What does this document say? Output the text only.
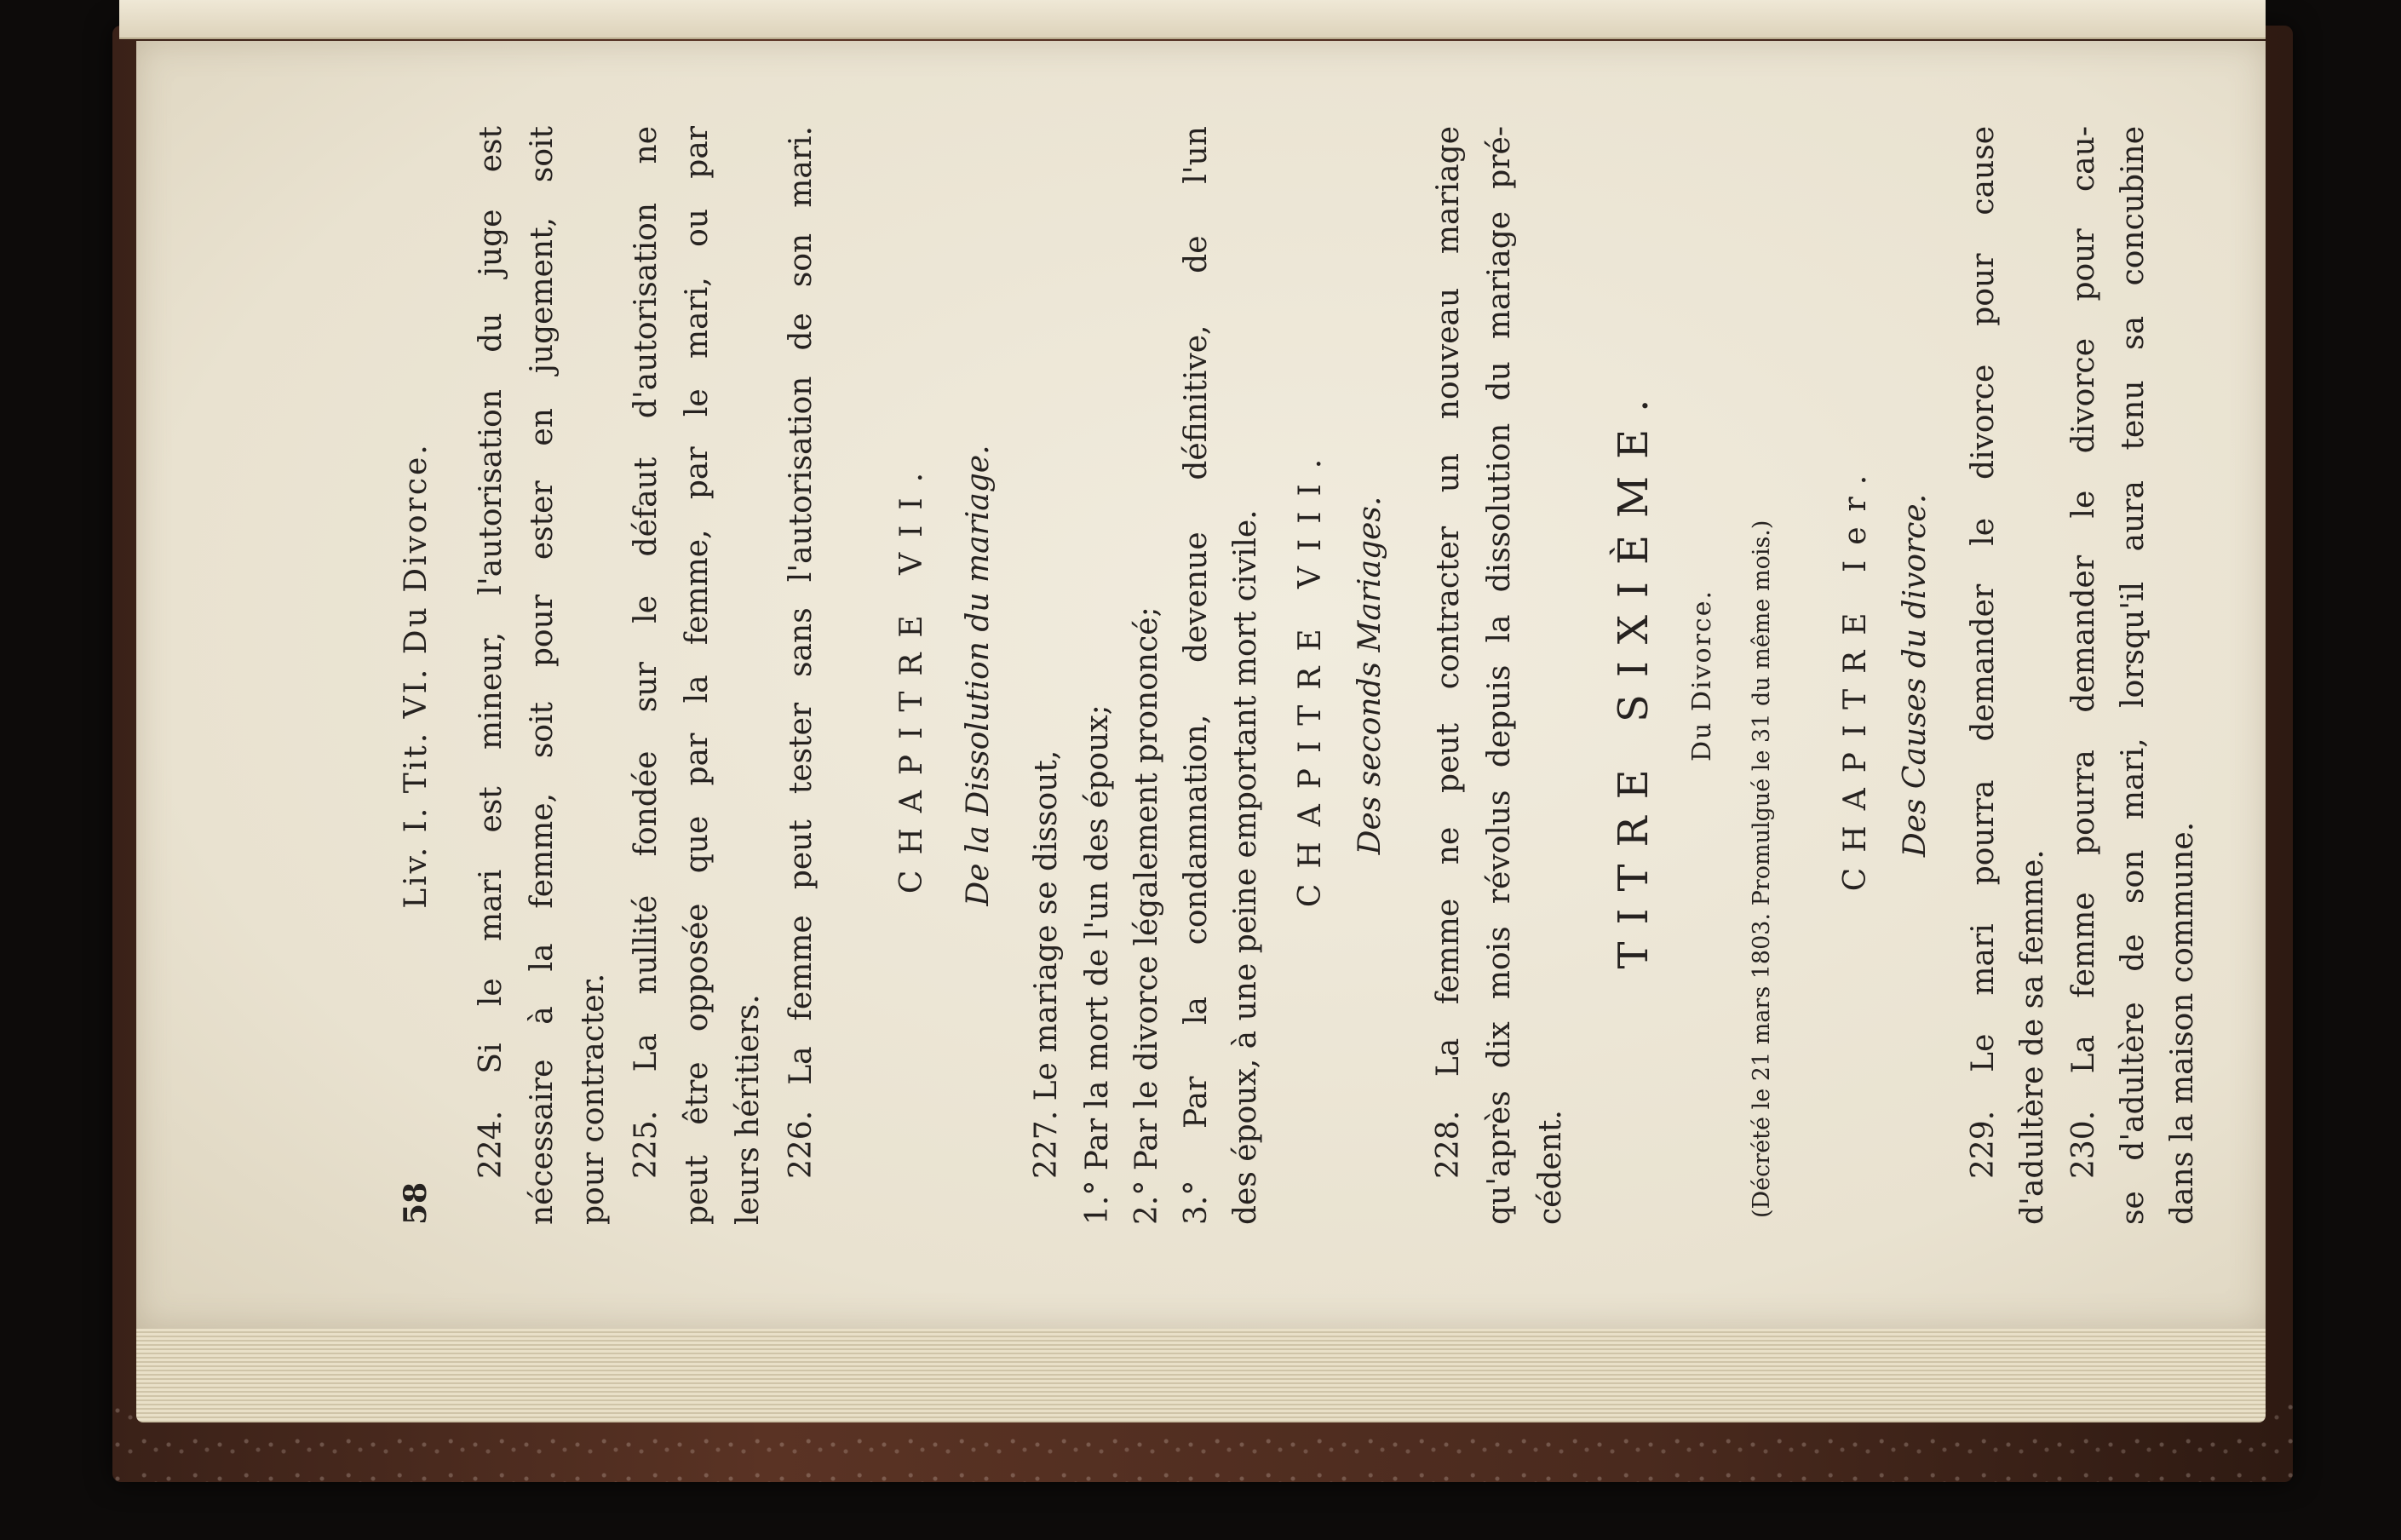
58
Liv. I. Tit. VI. Du Divorce. 224. Si le mari est mineur, l'autorisation du juge est nécessaire à la femme, soit pour ester en jugement, soit pour contracter. 225. La nullité fondée sur le défaut d'autorisation ne peut être opposée que par la femme, par le mari, ou par leurs héritiers. 226. La femme peut tester sans l'autorisation de son mari. CHAPITRE VII. De la Dissolution du mariage.
227. Le mariage se dissout, 1.° Par la mort de l'un des époux; 2.° Par le divorce légalement prononcé; 3.° Par la condamnation, devenue définitive, de l'un des époux, à une peine emportant mort civile. CHAPITRE VIII. Des seconds Mariages. 228. La femme ne peut contracter un nouveau mariage qu'après dix mois révolus depuis la dissolution du mariage pré- cédent.
TITRE SIXIÈME.	Du Divorce.	(Décrété le 21 mars 1803. Promulgué le 31 du même mois.)	CHAPITRE Ier. Des Causes du divorce. 229. Le mari pourra demander le divorce pour cause d'adultère de sa femme. 230. La femme pourra demander le divorce pour cau- se d'adultère de son mari, lorsqu'il aura tenu sa concubine dans la maison commune.
